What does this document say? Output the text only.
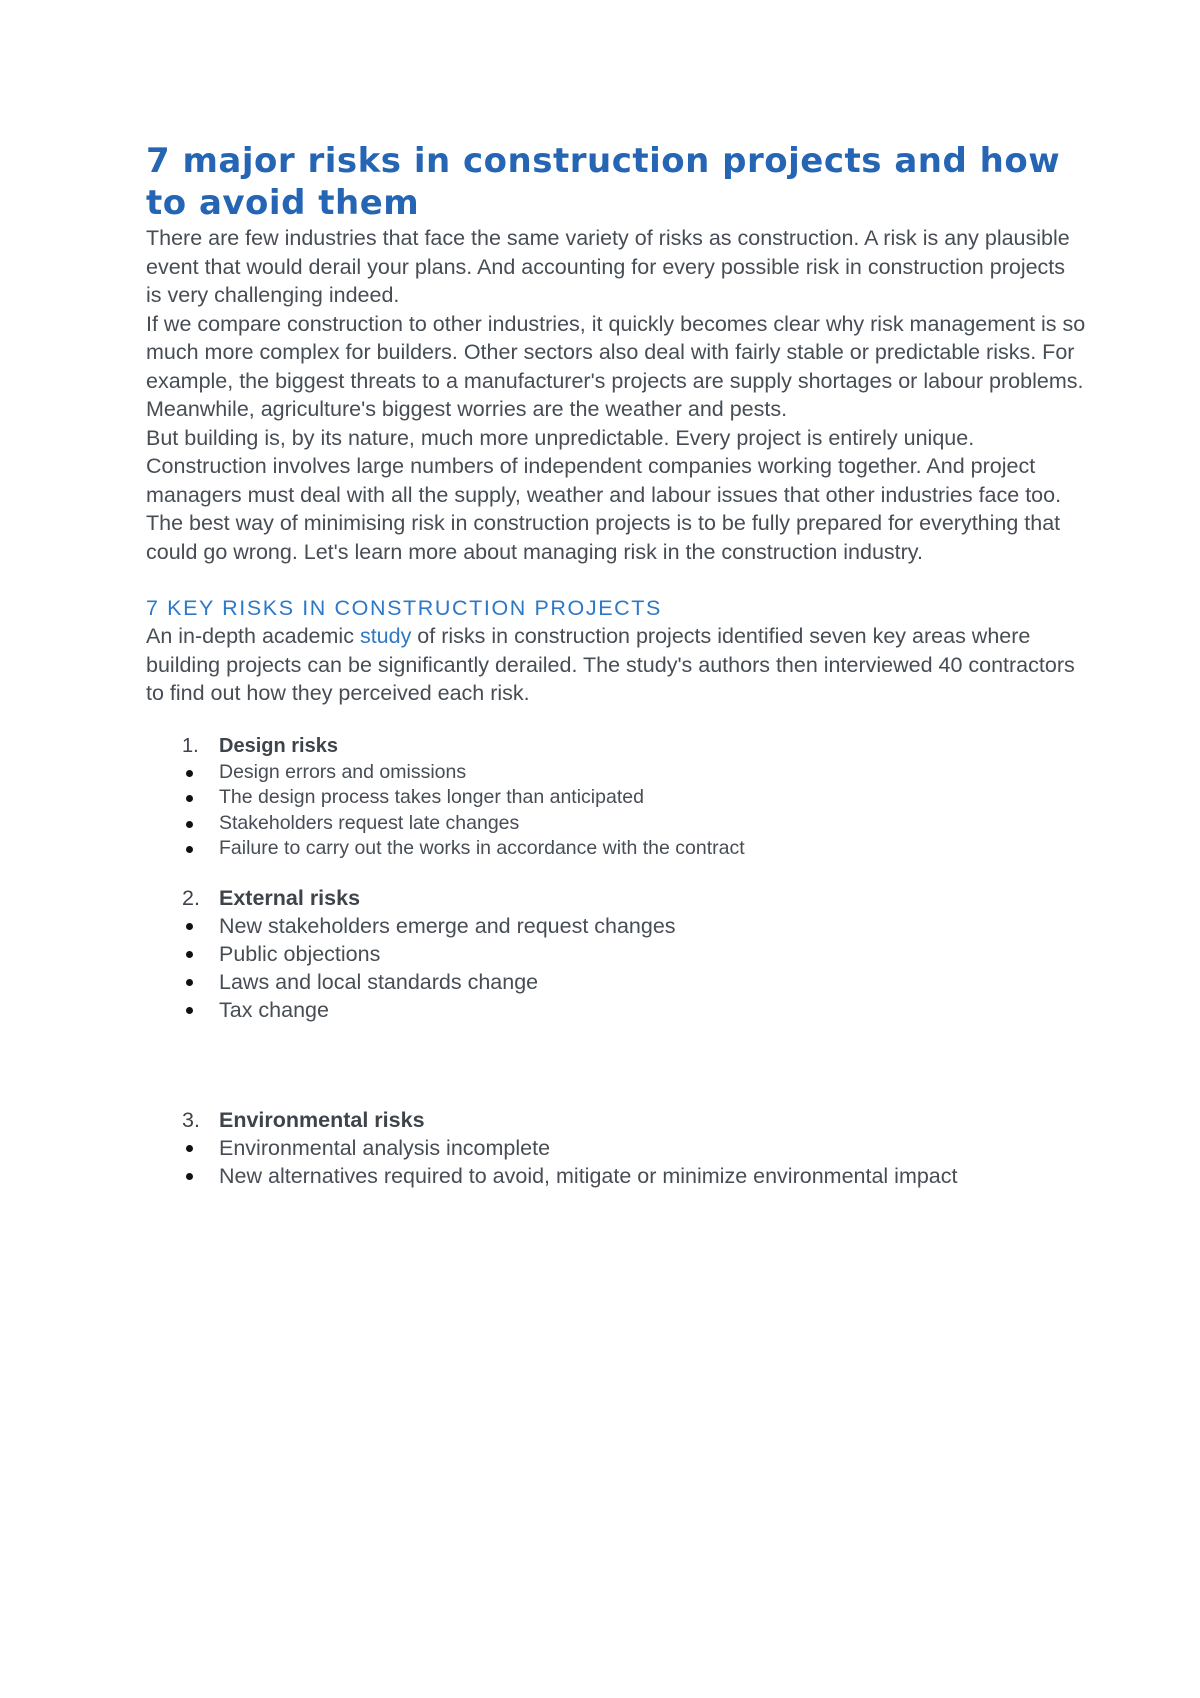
7 major risks in construction projects and how to avoid them

There are few industries that face the same variety of risks as construction. A risk is any plausible event that would derail your plans. And accounting for every possible risk in construction projects is very challenging indeed.

If we compare construction to other industries, it quickly becomes clear why risk management is so much more complex for builders. Other sectors also deal with fairly stable or predictable risks. For example, the biggest threats to a manufacturer's projects are supply shortages or labour problems. Meanwhile, agriculture's biggest worries are the weather and pests.

But building is, by its nature, much more unpredictable. Every project is entirely unique. Construction involves large numbers of independent companies working together. And project managers must deal with all the supply, weather and labour issues that other industries face too.

The best way of minimising risk in construction projects is to be fully prepared for everything that could go wrong. Let's learn more about managing risk in the construction industry.

7 KEY RISKS IN CONSTRUCTION PROJECTS

An in-depth academic study of risks in construction projects identified seven key areas where building projects can be significantly derailed. The study's authors then interviewed 40 contractors to find out how they perceived each risk.

1. Design risks
Design errors and omissions
The design process takes longer than anticipated
Stakeholders request late changes
Failure to carry out the works in accordance with the contract
2. External risks
New stakeholders emerge and request changes
Public objections
Laws and local standards change
Tax change
3. Environmental risks
Environmental analysis incomplete
New alternatives required to avoid, mitigate or minimize environmental impact
